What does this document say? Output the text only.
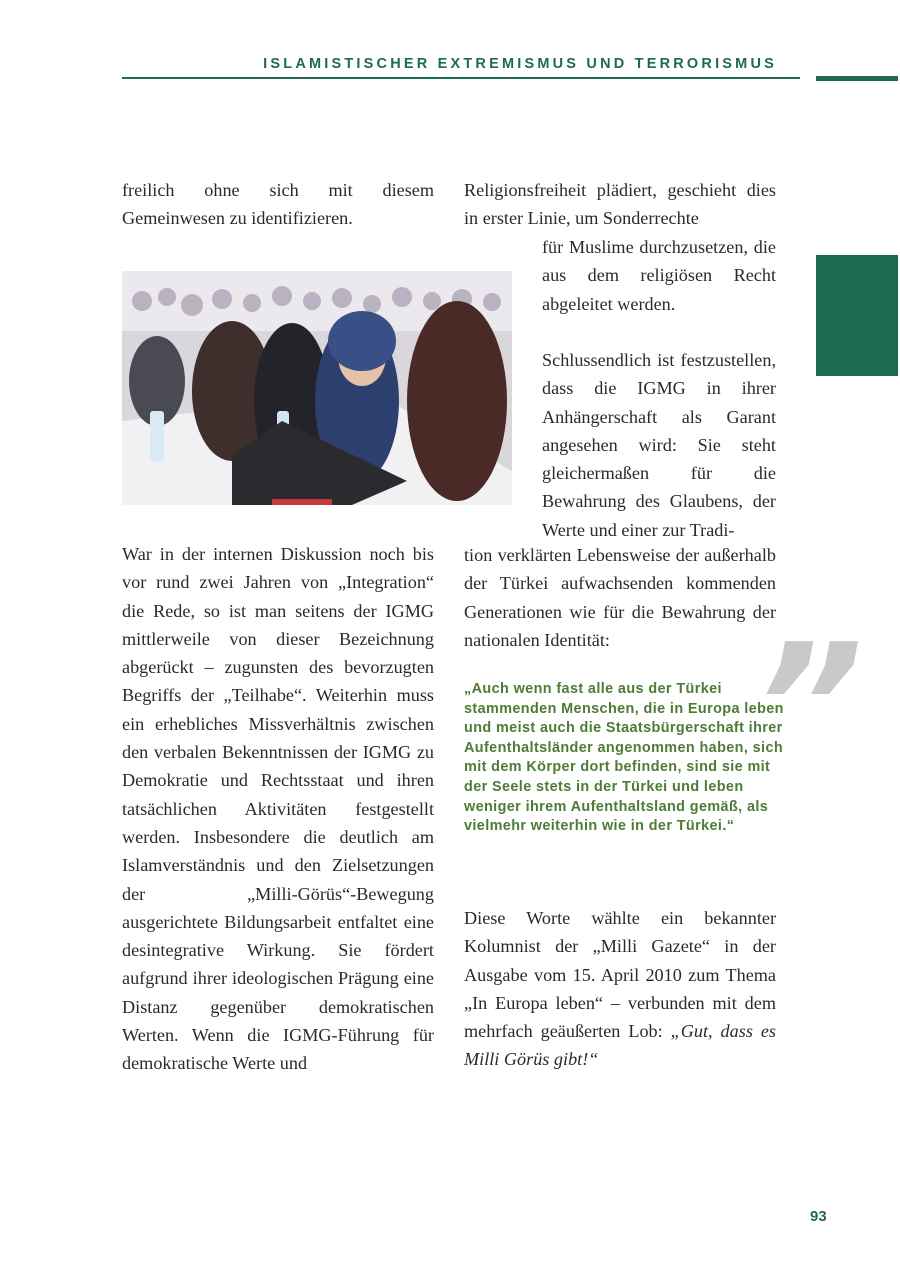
ISLAMISTISCHER EXTREMISMUS UND TERRORISMUS

freilich ohne sich mit diesem Gemeinwesen zu identifizieren.

War in der internen Diskussion noch bis vor rund zwei Jahren von „Integration“ die Rede, so ist man seitens der IGMG mittlerweile von dieser Bezeichnung abgerückt – zugunsten des bevorzugten Begriffs der „Teilhabe“. Weiterhin muss ein erhebliches Missverhältnis zwischen den verbalen Bekenntnissen der IGMG zu Demokratie und Rechtsstaat und ihren tatsächlichen Aktivitäten festgestellt werden. Insbesondere die deutlich am Islamverständnis und den Zielsetzungen der „Milli-Görüs“-Bewegung ausgerichtete Bildungsarbeit entfaltet eine desintegrative Wirkung. Sie fördert aufgrund ihrer ideologischen Prägung eine Distanz gegenüber demokratischen Werten. Wenn die IGMG-Führung für demokratische Werte und

Religionsfreiheit plädiert, geschieht dies in erster Linie, um Sonderrechte

für Muslime durchzusetzen, die aus dem religiösen Recht abgeleitet werden.

Schlussendlich ist festzustellen, dass die IGMG in ihrer Anhängerschaft als Garant angesehen wird: Sie steht gleichermaßen für die Bewahrung des Glaubens, der Werte und einer zur Tradi-

tion verklärten Lebensweise der außerhalb der Türkei aufwachsenden kommenden Generationen wie für die Bewahrung der nationalen Identität: ”

„Auch wenn fast alle aus der Türkei stammenden Menschen, die in Europa leben und meist auch die Staatsbürgerschaft ihrer Aufenthaltsländer angenommen haben, sich mit dem Körper dort befinden, sind sie mit der Seele stets in der Türkei und leben weniger ihrem Aufenthaltsland gemäß, als vielmehr weiterhin wie in der Türkei.“

Diese Worte wählte ein bekannter Kolumnist der „Milli Gazete“ in der Ausgabe vom 15. April 2010 zum Thema „In Europa leben“ – verbunden mit dem mehrfach geäußerten Lob: „Gut, dass es Milli Görüs gibt!“

93
